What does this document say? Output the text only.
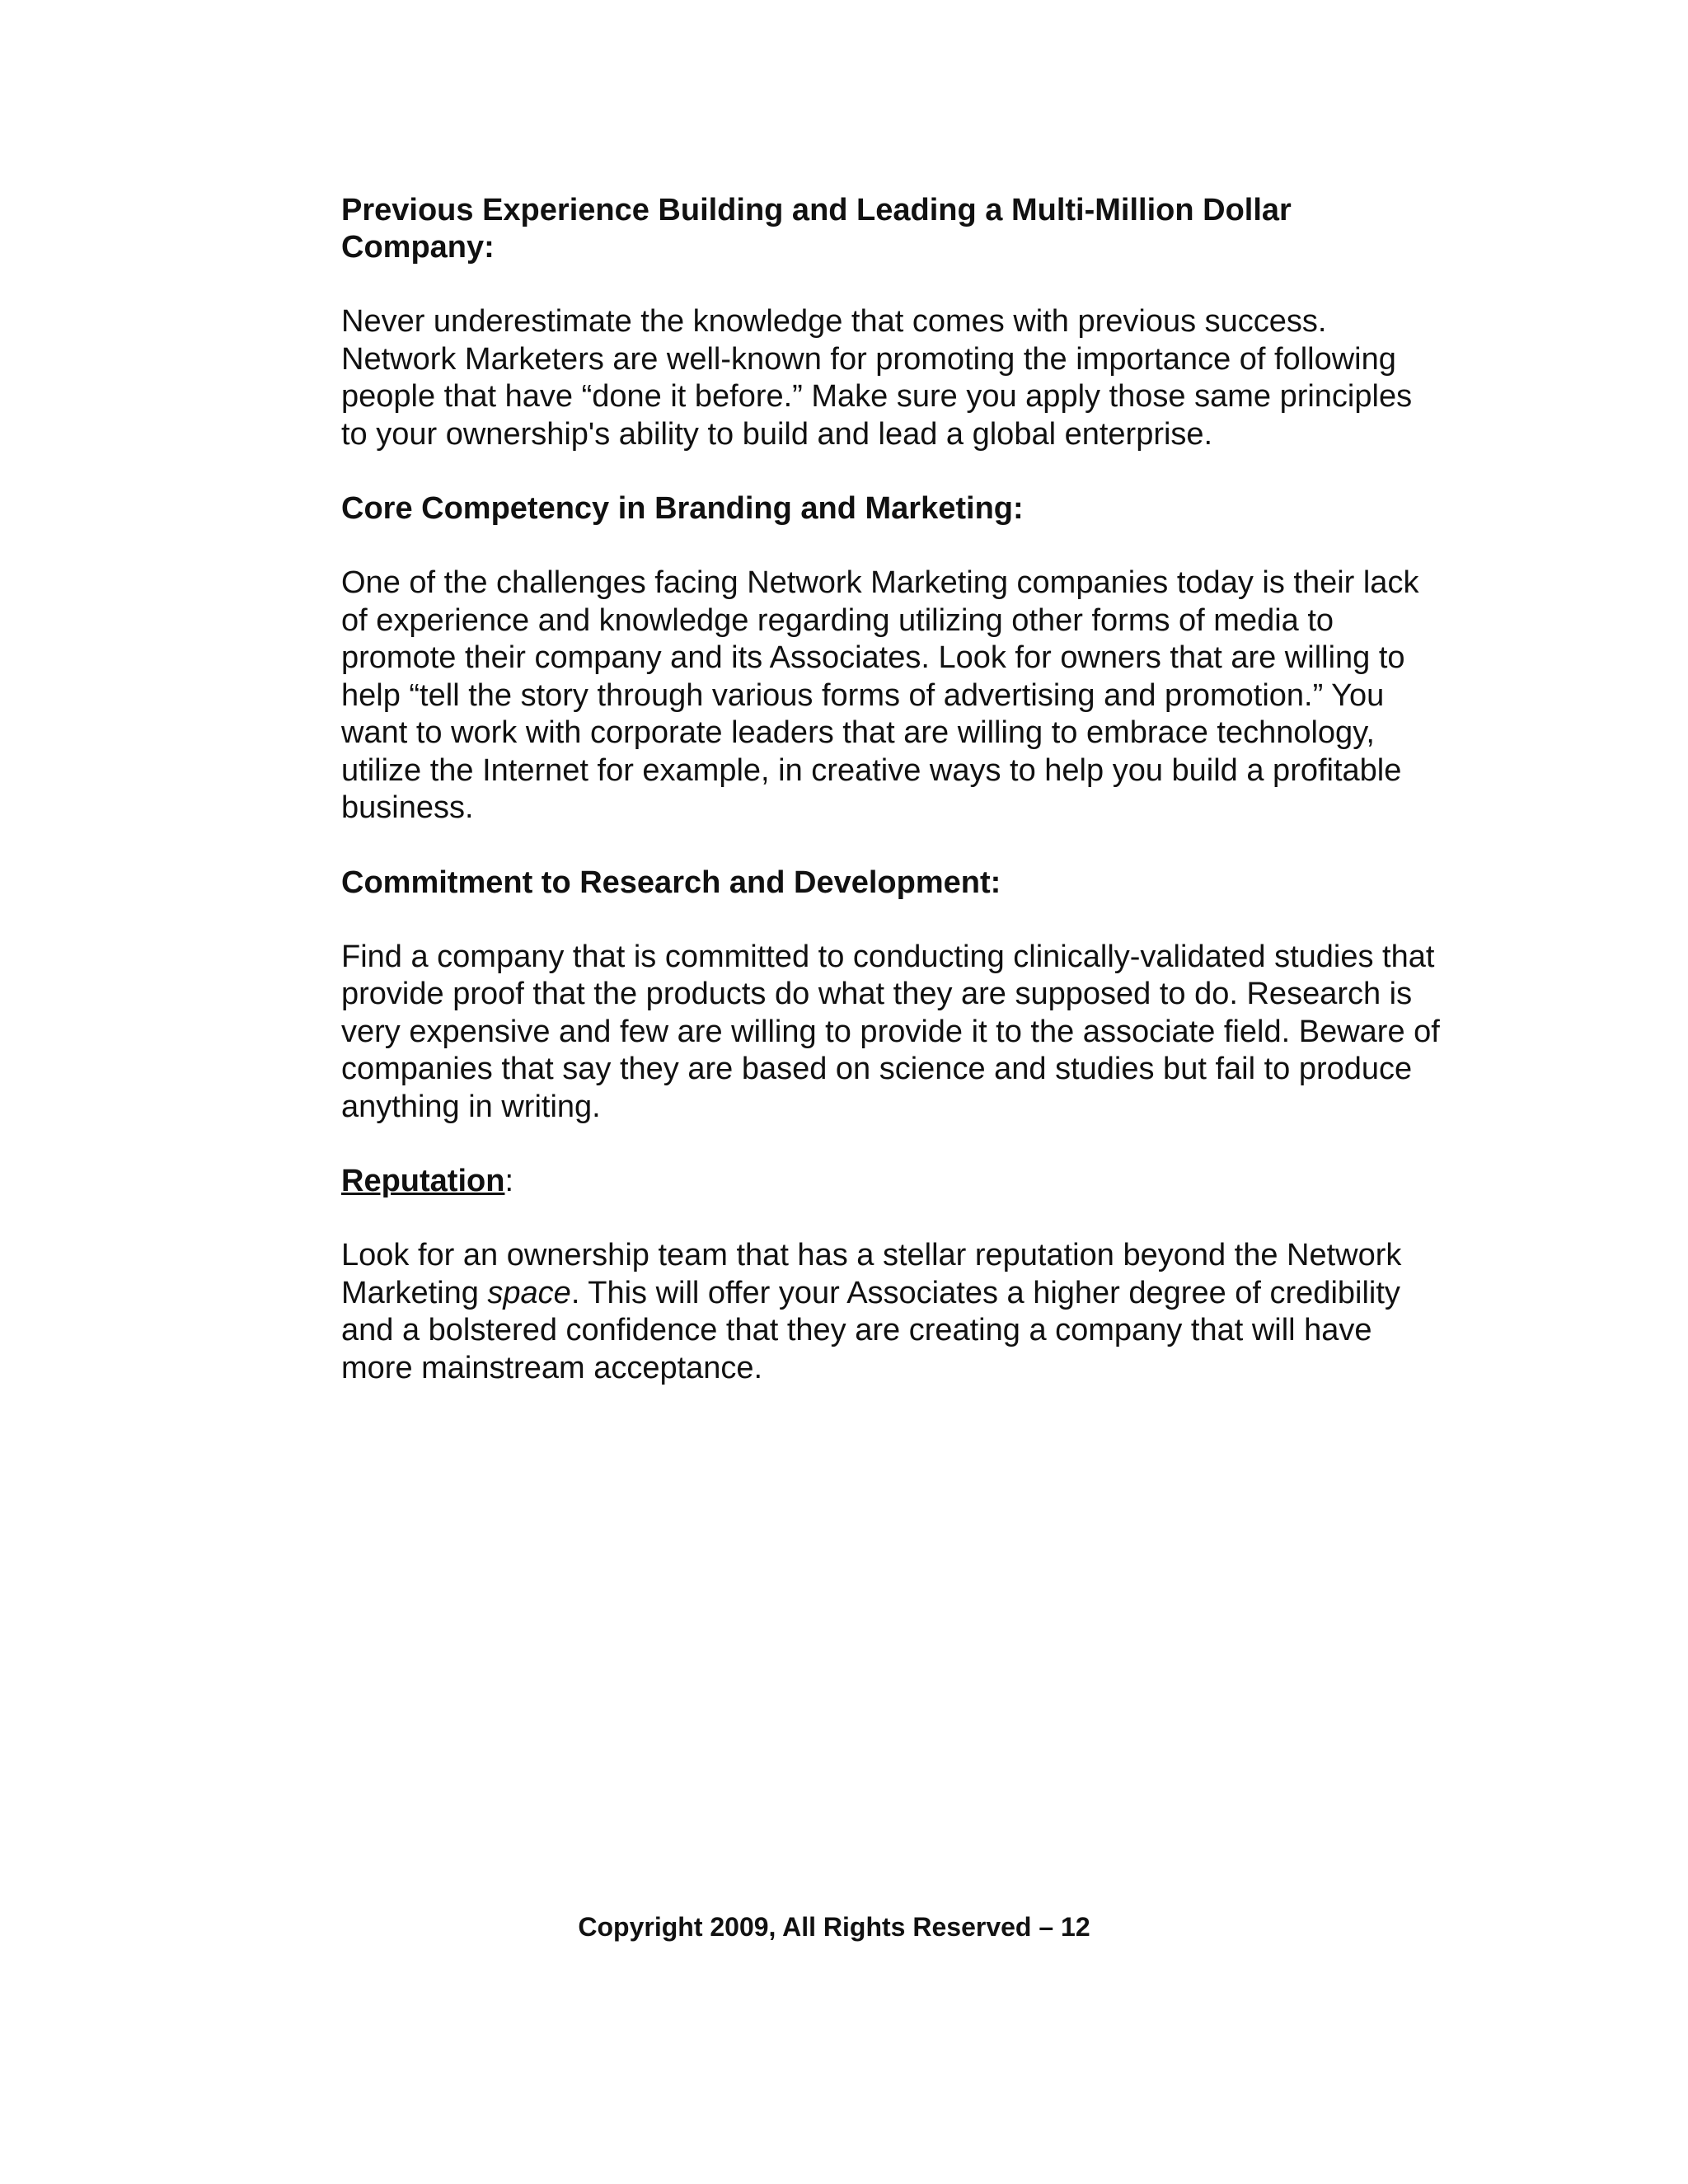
Previous Experience Building and Leading a Multi-Million Dollar Company:

Never underestimate the knowledge that comes with previous success. Network Marketers are well-known for promoting the importance of following people that have “done it before.” Make sure you apply those same principles to your ownership's ability to build and lead a global enterprise.

Core Competency in Branding and Marketing:

One of the challenges facing Network Marketing companies today is their lack of experience and knowledge regarding utilizing other forms of media to promote their company and its Associates. Look for owners that are willing to help “tell the story through various forms of advertising and promotion.” You want to work with corporate leaders that are willing to embrace technology, utilize the Internet for example, in creative ways to help you build a profitable business.

Commitment to Research and Development:

Find a company that is committed to conducting clinically-validated studies that provide proof that the products do what they are supposed to do. Research is very expensive and few are willing to provide it to the associate field. Beware of companies that say they are based on science and studies but fail to produce anything in writing.

Reputation:

Look for an ownership team that has a stellar reputation beyond the Network Marketing space. This will offer your Associates a higher degree of credibility and a bolstered confidence that they are creating a company that will have more mainstream acceptance.

Copyright 2009, All Rights Reserved – 12
